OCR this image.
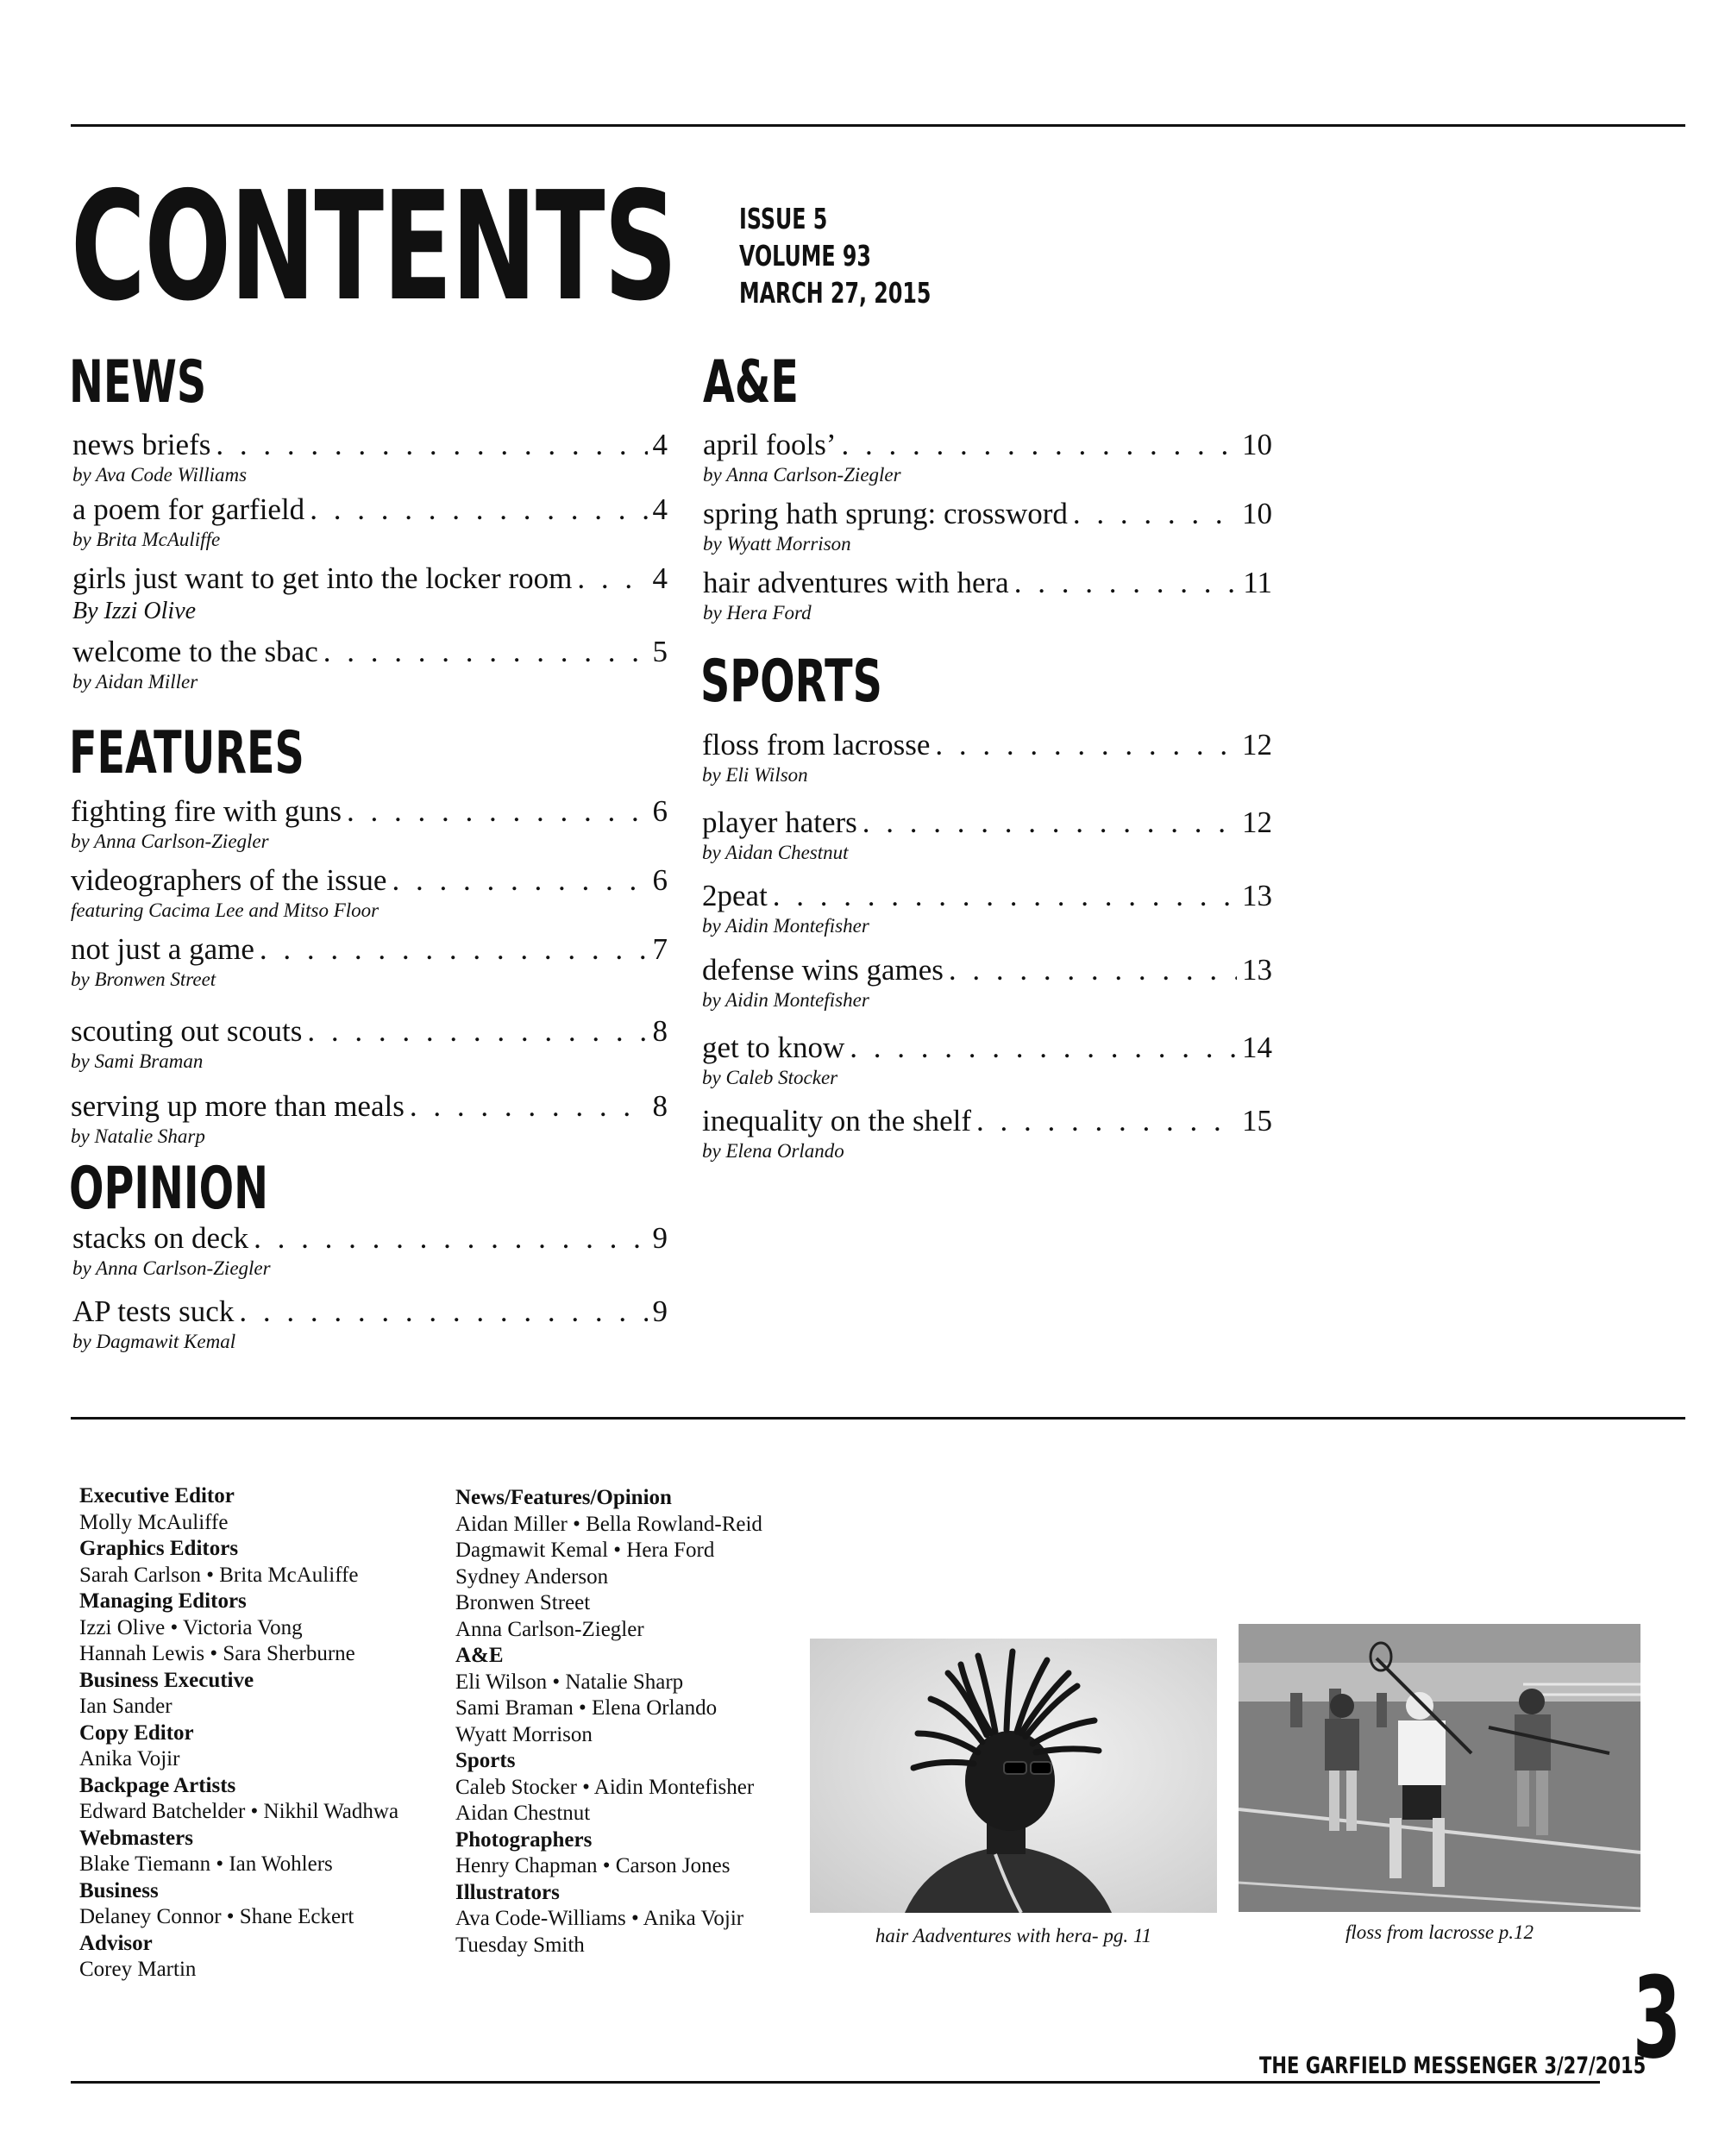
CONTENTS ISSUE 5
VOLUME 93
MARCH 27, 2015
NEWS
news briefs . . .	4
by Ava Code Williams
a poem for garfield . . .	4
by Brita McAuliffe
girls just want to get into the locker room . . .	4
By Izzi Olive
welcome to the sbac . . .	5
by Aidan Miller
FEATURES
fighting fire with guns . . .	6
by Anna Carlson-Ziegler
videographers of the issue . . .	6
featuring Cacima Lee and Mitso Floor
not just a game . . .	7
by Bronwen Street
scouting out scouts . . .	8
by Sami Braman
serving up more than meals . . .	8
by Natalie Sharp
OPINION
stacks on deck . . .	9
by Anna Carlson-Ziegler
AP tests suck . . .	9
by Dagmawit Kemal
A&E
april fools’ . . .	10
by Anna Carlson-Ziegler
spring hath sprung: crossword . . .	10
by Wyatt Morrison
hair adventures with hera . . .	11
by Hera Ford
SPORTS
floss from lacrosse . . .	12
by Eli Wilson
player haters . . .	12
by Aidan Chestnut
2peat . . .	13
by Aidin Montefisher
defense wins games . . .	13
by Aidin Montefisher
get to know . . .	14
by Caleb Stocker
inequality on the shelf . . .	15
by Elena Orlando
Executive Editor
Molly McAuliffe
Graphics Editors
Sarah Carlson • Brita McAuliffe
Managing Editors
Izzi Olive • Victoria Vong
Hannah Lewis • Sara Sherburne
Business Executive
Ian Sander
Copy Editor
Anika Vojir
Backpage Artists
Edward Batchelder • Nikhil Wadhwa
Webmasters
Blake Tiemann • Ian Wohlers
Business
Delaney Connor • Shane Eckert
Advisor
Corey Martin
News/Features/Opinion
Aidan Miller • Bella Rowland-Reid
Dagmawit Kemal • Hera Ford
Sydney Anderson
Bronwen Street
Anna Carlson-Ziegler
A&E
Eli Wilson • Natalie Sharp
Sami Braman • Elena Orlando
Wyatt Morrison
Sports
Caleb Stocker • Aidin Montefisher
Aidan Chestnut
Photographers
Henry Chapman • Carson Jones
Illustrators
Ava Code-Williams • Anika Vojir
Tuesday Smith	hair Aadventures with hera- pg. 11	floss from lacrosse p.12
THE GARFIELD MESSENGER 3/27/2015
3
